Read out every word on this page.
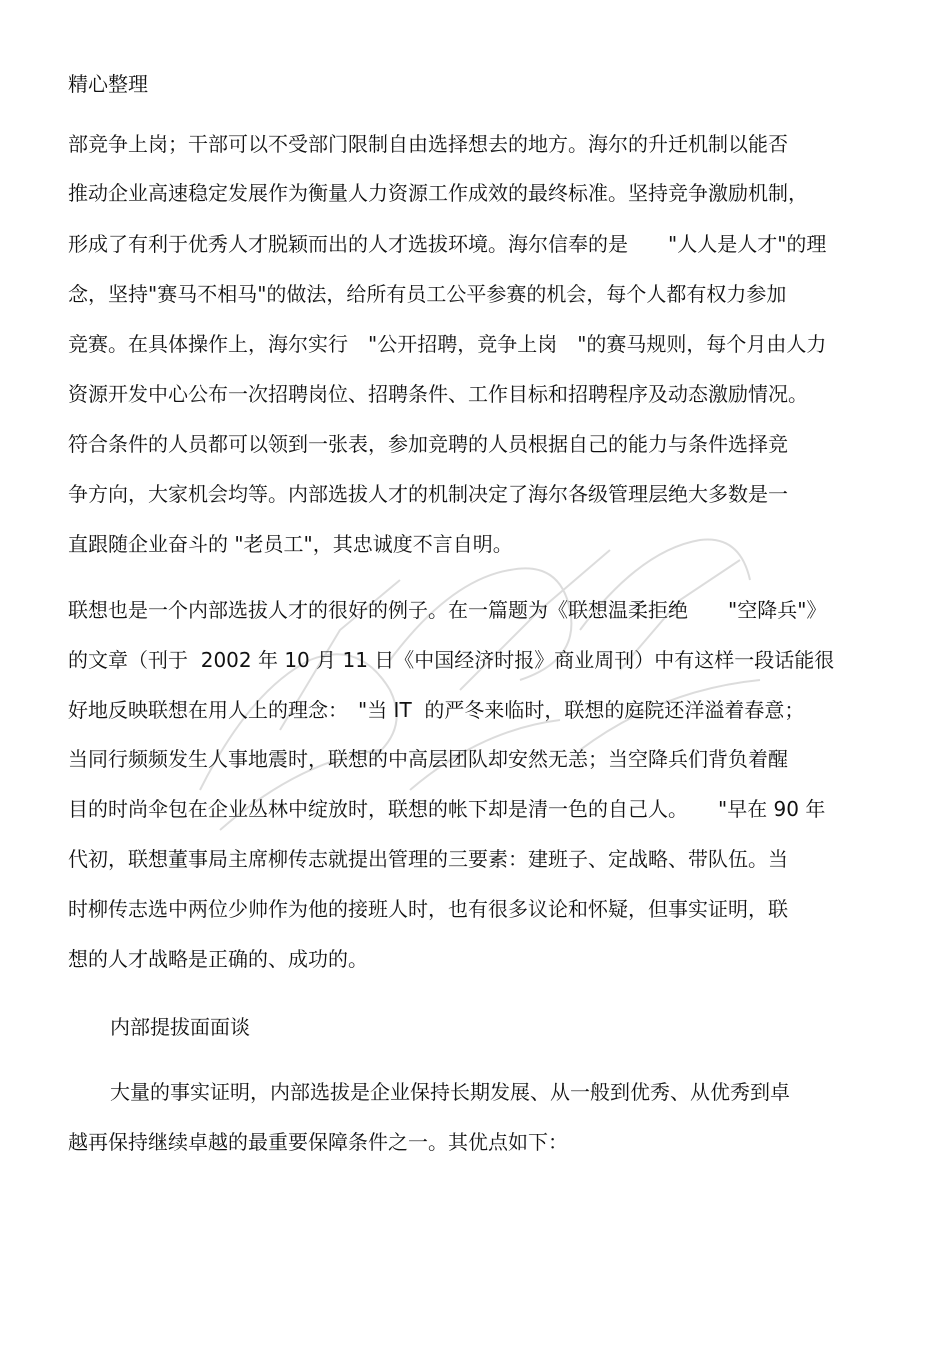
精心整理
部竞争上岗；干部可以不受部门限制自由选择想去的地方。海尔的升迁机制以能否
推动企业高速稳定发展作为衡量人力资源工作成效的最终标准。坚持竞争激励机制，
形成了有利于优秀人才脱颖而出的人才选拔环境。海尔信奉的是　　"人人是人才"的理
念，坚持"赛马不相马"的做法，给所有员工公平参赛的机会，每个人都有权力参加
竞赛。在具体操作上，海尔实行　"公开招聘，竞争上岗　"的赛马规则，每个月由人力
资源开发中心公布一次招聘岗位、招聘条件、工作目标和招聘程序及动态激励情况。
符合条件的人员都可以领到一张表，参加竞聘的人员根据自己的能力与条件选择竞
争方向，大家机会均等。内部选拔人才的机制决定了海尔各级管理层绝大多数是一
直跟随企业奋斗的 "老员工"，其忠诚度不言自明。
联想也是一个内部选拔人才的很好的例子。在一篇题为《联想温柔拒绝　　"空降兵"》
的文章（刊于  2002 年 10 月 11 日《中国经济时报》商业周刊）中有这样一段话能很
好地反映联想在用人上的理念：　"当 IT  的严冬来临时，联想的庭院还洋溢着春意；
当同行频频发生人事地震时，联想的中高层团队却安然无恙；当空降兵们背负着醒
目的时尚伞包在企业丛林中绽放时，联想的帐下却是清一色的自己人。　　"早在 90 年
代初，联想董事局主席柳传志就提出管理的三要素：建班子、定战略、带队伍。当
时柳传志选中两位少帅作为他的接班人时，也有很多议论和怀疑，但事实证明，联
想的人才战略是正确的、成功的。
内部提拔面面谈
大量的事实证明，内部选拔是企业保持长期发展、从一般到优秀、从优秀到卓
越再保持继续卓越的最重要保障条件之一。其优点如下：
